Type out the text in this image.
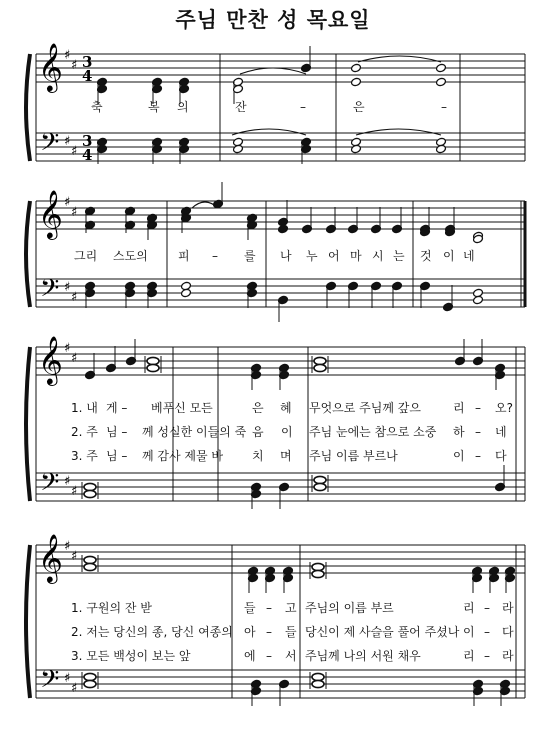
주님 만찬 성 목요일
𝄞
𝄢
♯
♯
♯
♯
3
4
3
4
𝄞
𝄢
♯
♯
♯
♯
𝄞
𝄢
♯
♯
♯
♯
𝄞
𝄢
♯
♯
♯
♯
축	복 의	잔	–	은	–
그리 스도의	피 – 를 나 누 어 마 시 는 것 이 네
1. 내 게 – 베푸신 모든	은 혜 무엇으로 주님께 갚으	리 – 오?
2. 주 님 – 께 성실한 이들의 죽 음 이 주님 눈에는 참으로 소중 하 – 네
3. 주 님 – 께 감사 제물 바 치 며 주님 이름 부르나	이 – 다
1. 구원의 잔 받	들 – 고 주님의 이름 부르	리 – 라
2. 저는 당신의 종, 당신 여종의 아 – 들 당신이 제 사슬을 풀어 주셨나 이 – 다
3. 모든 백성이 보는 앞	에 – 서 주님께 나의 서원 채우	리 – 라
